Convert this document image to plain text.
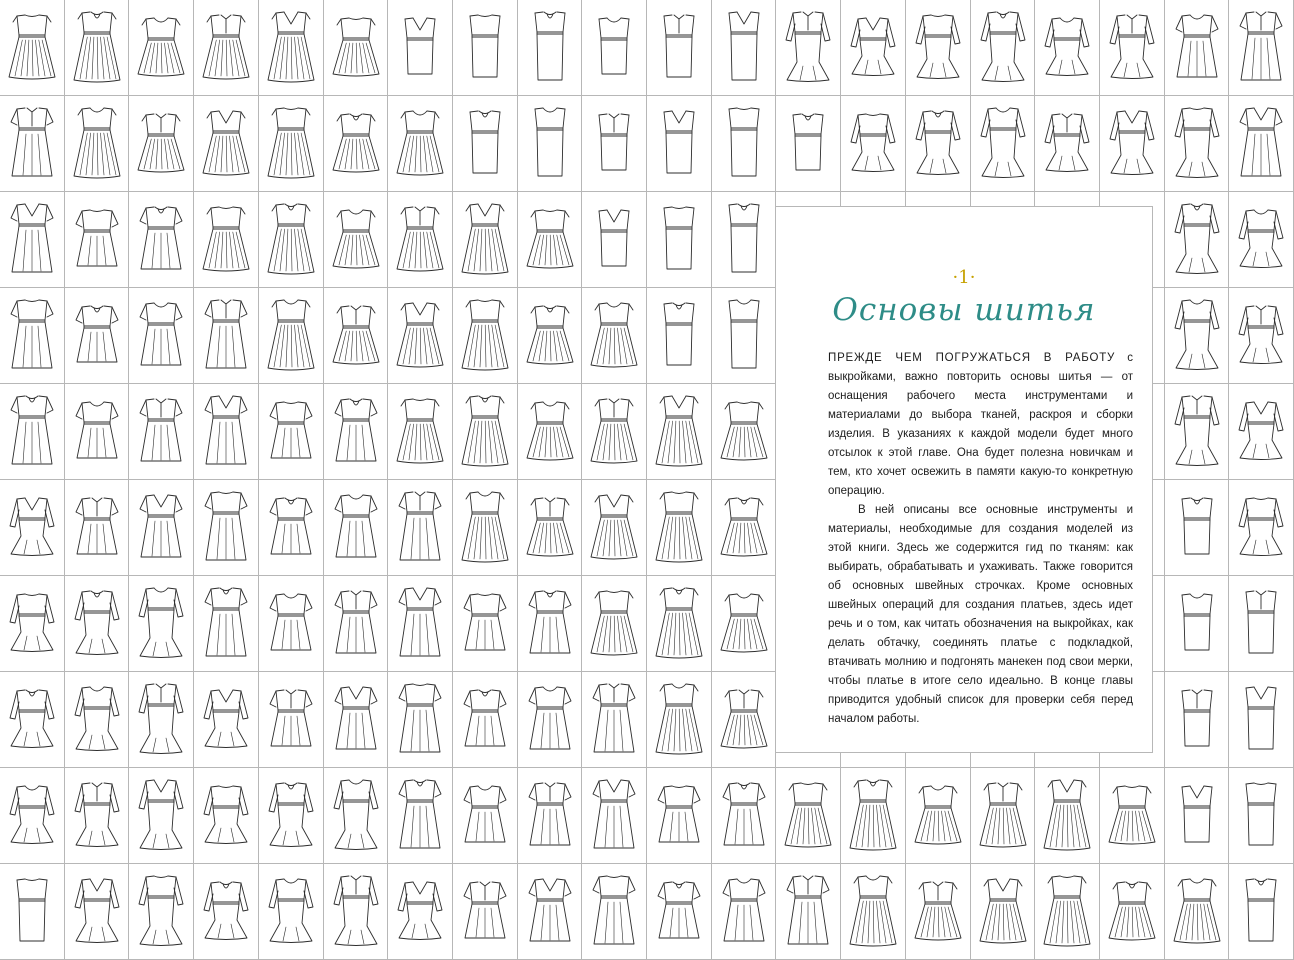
·1·
Основы шитья

ПРЕЖДЕ ЧЕМ ПОГРУЖАТЬСЯ В РАБОТУ с выкройками, важно повторить основы шитья — от оснащения рабочего места инструментами и материалами до выбора тканей, раскроя и сборки изделия. В указаниях к каждой модели будет много отсылок к этой главе. Она будет полезна новичкам и тем, кто хочет освежить в памяти какую-то конкретную операцию.

В ней описаны все основные инструменты и материалы, необходимые для создания моделей из этой книги. Здесь же содержится гид по тканям: как выбирать, обрабатывать и ухаживать. Также говорится об основных швейных строчках. Кроме основных швейных операций для создания платьев, здесь идет речь и о том, как читать обозначения на выкройках, как делать обтачку, соединять платье с подкладкой, втачивать молнию и подгонять манекен под свои мерки, чтобы платье в итоге село идеально. В конце главы приводится удобный список для проверки себя перед началом работы.
